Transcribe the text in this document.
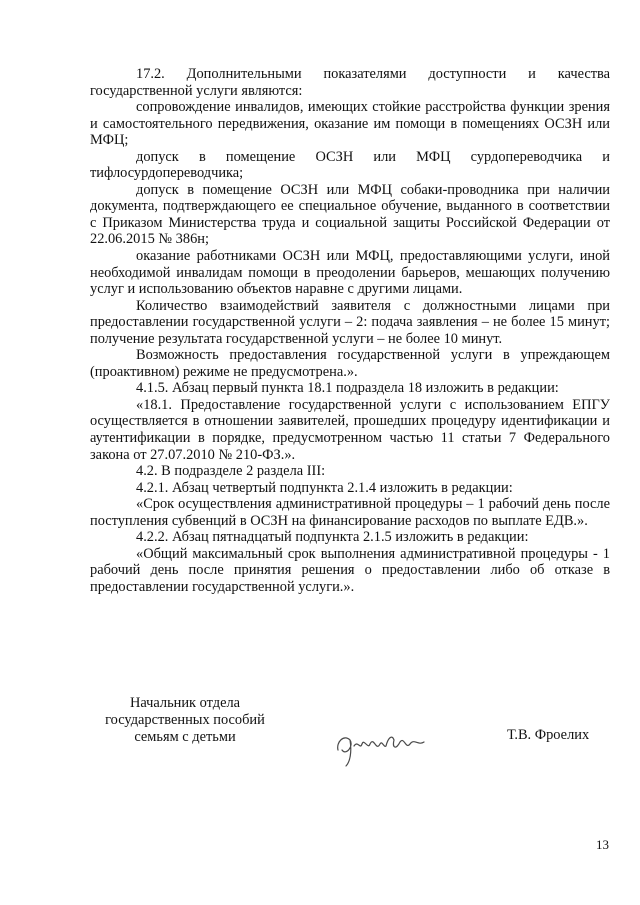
17.2. Дополнительными показателями доступности и качества государственной услуги являются:

сопровождение инвалидов, имеющих стойкие расстройства функции зрения и самостоятельного передвижения, оказание им помощи в помещениях ОСЗН или МФЦ;

допуск в помещение ОСЗН или МФЦ сурдопереводчика и тифлосурдопереводчика;

допуск в помещение ОСЗН или МФЦ собаки-проводника при наличии документа, подтверждающего ее специальное обучение, выданного в соответствии с Приказом Министерства труда и социальной защиты Российской Федерации от 22.06.2015 № 386н;

оказание работниками ОСЗН или МФЦ, предоставляющими услуги, иной необходимой инвалидам помощи в преодолении барьеров, мешающих получению услуг и использованию объектов наравне с другими лицами.

Количество взаимодействий заявителя с должностными лицами при предоставлении государственной услуги – 2: подача заявления – не более 15 минут; получение результата государственной услуги – не более 10 минут.

Возможность предоставления государственной услуги в упреждающем (проактивном) режиме не предусмотрена.».

4.1.5. Абзац первый пункта 18.1 подраздела 18 изложить в редакции:

«18.1. Предоставление государственной услуги с использованием ЕПГУ осуществляется в отношении заявителей, прошедших процедуру идентификации и аутентификации в порядке, предусмотренном частью 11 статьи 7 Федерального закона от 27.07.2010 № 210-ФЗ.».

4.2. В подразделе 2 раздела III:

4.2.1. Абзац четвертый подпункта 2.1.4 изложить в редакции:

«Срок осуществления административной процедуры – 1 рабочий день после поступления субвенций в ОСЗН на финансирование расходов по выплате ЕДВ.».

4.2.2. Абзац пятнадцатый подпункта 2.1.5 изложить в редакции:

«Общий максимальный срок выполнения административной процедуры - 1 рабочий день после принятия решения о предоставлении либо об отказе в предоставлении государственной услуги.».

Начальник отдела
государственных пособий
семьям с детьми	Т.В. Фроелих
13
